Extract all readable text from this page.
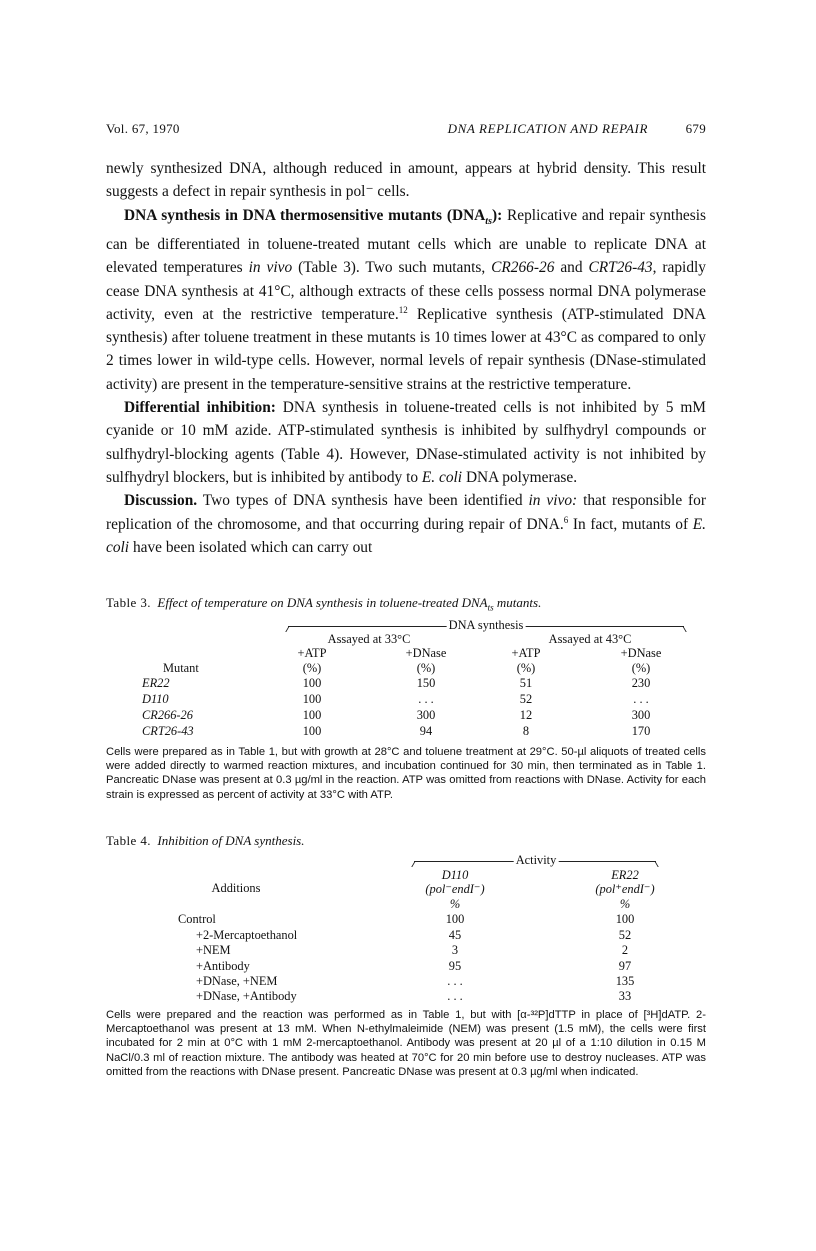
Vol. 67, 1970	DNA REPLICATION AND REPAIR	679

newly synthesized DNA, although reduced in amount, appears at hybrid density. This result suggests a defect in repair synthesis in pol⁻ cells.

DNA synthesis in DNA thermosensitive mutants $(DNA_{ts})$: Replicative and repair synthesis can be differentiated in toluene-treated mutant cells which are unable to replicate DNA at elevated temperatures in vivo (Table 3). Two such mutants, CR266-26 and CRT26-43, rapidly cease DNA synthesis at 41°C, although extracts of these cells possess normal DNA polymerase activity, even at the restrictive temperature.$^{12}$ Replicative synthesis (ATP-stimulated DNA synthesis) after toluene treatment in these mutants is 10 times lower at 43°C as compared to only 2 times lower in wild-type cells. However, normal levels of repair synthesis (DNase-stimulated activity) are present in the temperature-sensitive strains at the restrictive temperature.

Differential inhibition: DNA synthesis in toluene-treated cells is not inhibited by 5 mM cyanide or 10 mM azide. ATP-stimulated synthesis is inhibited by sulfhydryl compounds or sulfhydryl-blocking agents (Table 4). However, DNase-stimulated activity is not inhibited by sulfhydryl blockers, but is inhibited by antibody to E. coli DNA polymerase.

Discussion. Two types of DNA synthesis have been identified in vivo: that responsible for replication of the chromosome, and that occurring during repair of DNA.$^6$ In fact, mutants of E. coli have been isolated which can carry out

Table 3. Effect of temperature on DNA synthesis in toluene-treated $DNA_{ts}$ mutants.
DNA synthesis
Assayed at 33°C	Assayed at 43°C
+ATP	+DNase	+ATP	+DNase
Mutant	(%)	(%)	(%)	(%)
ER22	100	150	51	230
D110	100	. . .	52	. . .
CR266-26	100	300	12	300
CRT26-43	100	94	8	170

Cells were prepared as in Table 1, but with growth at 28°C and toluene treatment at 29°C. 50-µl aliquots of treated cells were added directly to warmed reaction mixtures, and incubation continued for 30 min, then terminated as in Table 1. Pancreatic DNase was present at 0.3 µg/ml in the reaction. ATP was omitted from reactions with DNase. Activity for each strain is expressed as percent of activity at 33°C with ATP.

Table 4. Inhibition of DNA synthesis.
Activity
D110	ER22
Additions	(pol⁻endI⁻)	(pol⁺endI⁻)
%	%
Control	100	100
+2-Mercaptoethanol	45	52
+NEM	3	2
+Antibody	95	97
+DNase, +NEM	. . .	135
+DNase, +Antibody	. . .	33

Cells were prepared and the reaction was performed as in Table 1, but with [α-³²P]dTTP in place of [³H]dATP. 2-Mercaptoethanol was present at 13 mM. When N-ethylmaleimide (NEM) was present (1.5 mM), the cells were first incubated for 2 min at 0°C with 1 mM 2-mercaptoethanol. Antibody was present at 20 µl of a 1:10 dilution in 0.15 M NaCl/0.3 ml of reaction mixture. The antibody was heated at 70°C for 20 min before use to destroy nucleases. ATP was omitted from the reactions with DNase present. Pancreatic DNase was present at 0.3 µg/ml when indicated.
